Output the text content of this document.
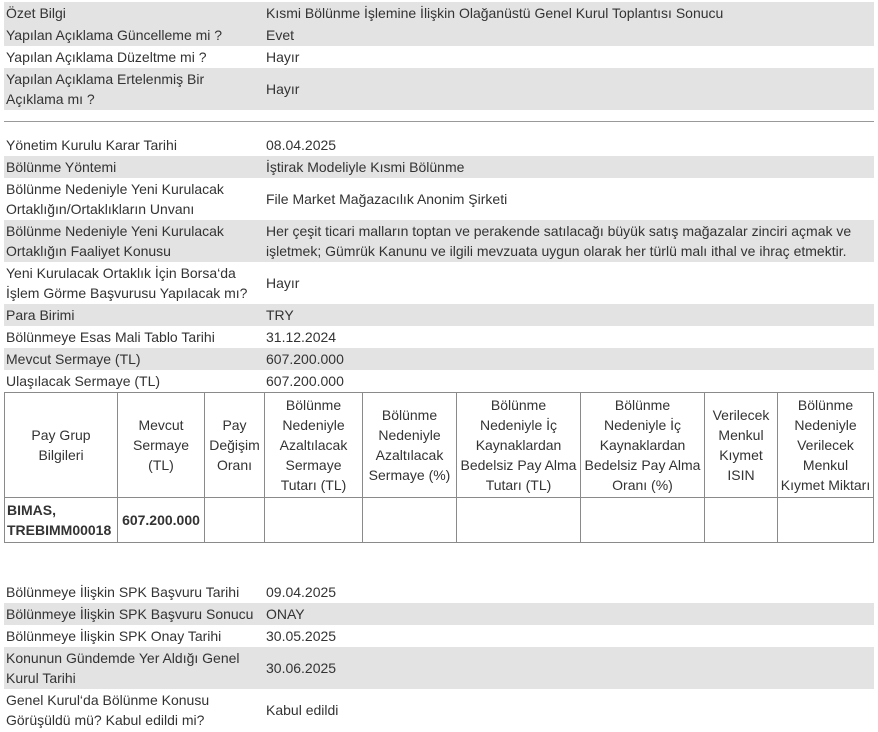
Özet Bilgi	Kısmi Bölünme İşlemine İlişkin Olağanüstü Genel Kurul Toplantısı Sonucu
Yapılan Açıklama Güncelleme mi ?	Evet
Yapılan Açıklama Düzeltme mi ?	Hayır
Yapılan Açıklama Ertelenmiş Bir Açıklama mı ?	Hayır
Yönetim Kurulu Karar Tarihi	08.04.2025
Bölünme Yöntemi	İştirak Modeliyle Kısmi Bölünme
Bölünme Nedeniyle Yeni Kurulacak Ortaklığın/Ortaklıkların Unvanı	File Market Mağazacılık Anonim Şirketi
Bölünme Nedeniyle Yeni Kurulacak Ortaklığın Faaliyet Konusu	Her çeşit ticari malların toptan ve perakende satılacağı büyük satış mağazalar zinciri açmak ve işletmek; Gümrük Kanunu ve ilgili mevzuata uygun olarak her türlü malı ithal ve ihraç etmektir.
Yeni Kurulacak Ortaklık İçin Borsa‘da İşlem Görme Başvurusu Yapılacak mı?	Hayır
Para Birimi	TRY
Bölünmeye Esas Mali Tablo Tarihi	31.12.2024
Mevcut Sermaye (TL)	607.200.000
Ulaşılacak Sermaye (TL)	607.200.000
Pay Grup Bilgileri	Mevcut Sermaye (TL)	Pay Değişim Oranı	Bölünme Nedeniyle Azaltılacak Sermaye Tutarı (TL)	Bölünme Nedeniyle Azaltılacak Sermaye (%)	Bölünme Nedeniyle İç Kaynaklardan Bedelsiz Pay Alma Tutarı (TL)	Bölünme Nedeniyle İç Kaynaklardan Bedelsiz Pay Alma Oranı (%)	Verilecek Menkul Kıymet ISIN	Bölünme Nedeniyle Verilecek Menkul Kıymet Miktarı
BIMAS, TREBIMM00018	607.200.000							
Bölünmeye İlişkin SPK Başvuru Tarihi	09.04.2025
Bölünmeye İlişkin SPK Başvuru Sonucu	ONAY
Bölünmeye İlişkin SPK Onay Tarihi	30.05.2025
Konunun Gündemde Yer Aldığı Genel Kurul Tarihi	30.06.2025
Genel Kurul‘da Bölünme Konusu Görüşüldü mü? Kabul edildi mi?	Kabul edildi
